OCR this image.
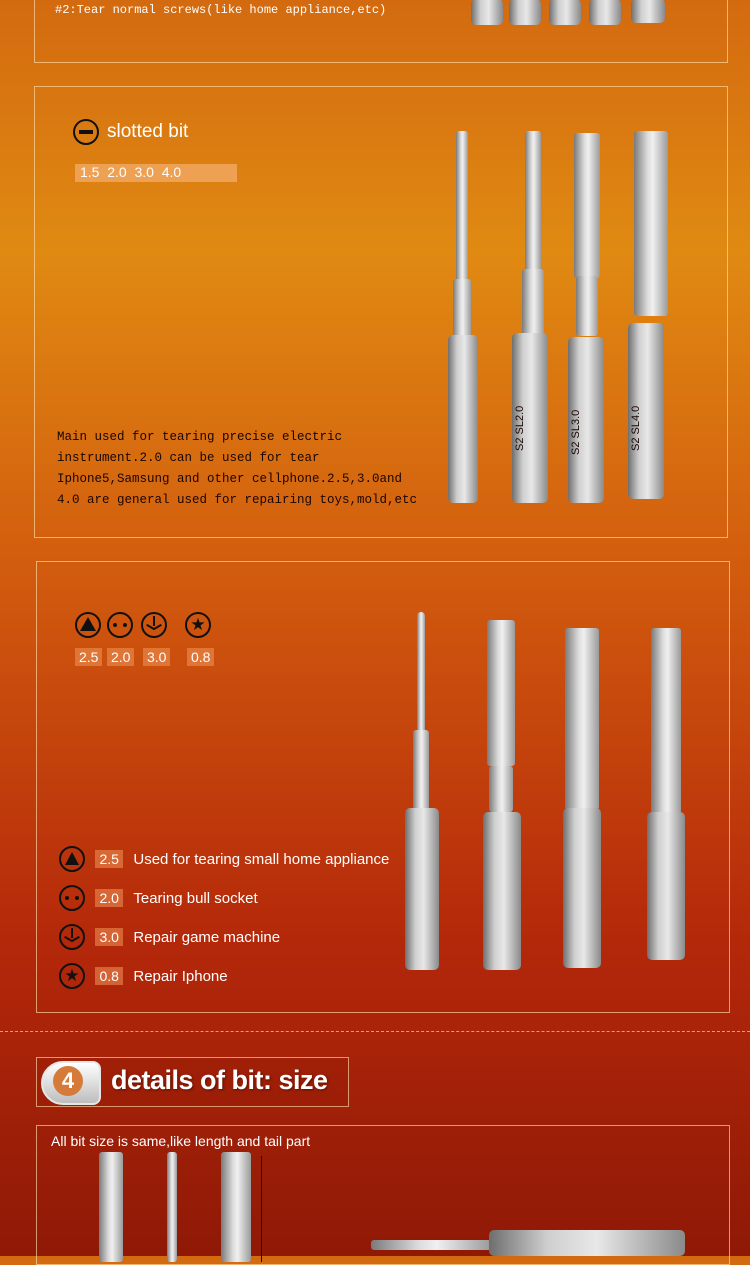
#2:Tear normal screws(like home appliance,etc)
slotted bit
1.5  2.0  3.0  4.0
Main used for tearing precise electric
instrument.2.0 can be used for tear
Iphone5,Samsung and other cellphone.2.5,3.0and
4.0 are general used for repairing toys,mold,etc
S2 SL2.0	S2 SL3.0	S2 SL4.0
★
2.5 2.0 3.0 0.8
2.5 Used for tearing small home appliance
2.0 Tearing bull socket
3.0 Repair game machine
★ 0.8 Repair Iphone
4	details of bit: size
All bit size is same,like length and tail part
